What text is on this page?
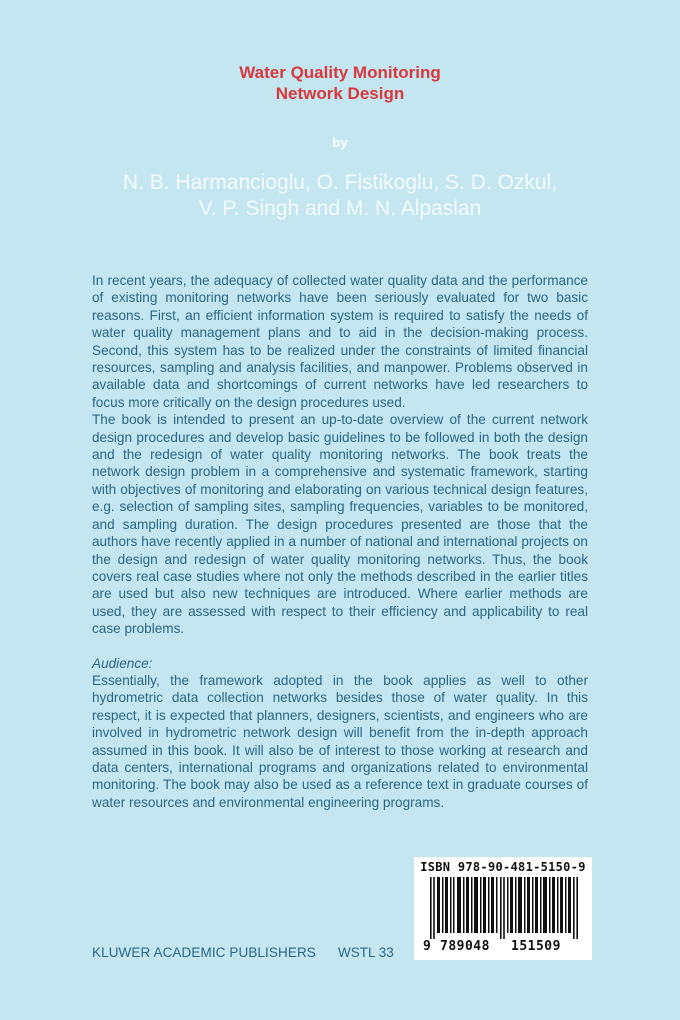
Water Quality Monitoring
Network Design
by
N. B. Harmancioglu, O. Fistikoglu, S. D. Ozkul,
V. P. Singh and M. N. Alpaslan

In recent years, the adequacy of collected water quality data and the performance of existing monitoring networks have been seriously evaluated for two basic reasons. First, an efficient information system is required to satisfy the needs of water quality management plans and to aid in the decision-making process. Second, this system has to be realized under the constraints of limited financial resources, sampling and analysis facilities, and manpower. Problems observed in available data and shortcomings of current networks have led researchers to focus more critically on the design procedures used.

The book is intended to present an up-to-date overview of the current network design procedures and develop basic guidelines to be followed in both the design and the redesign of water quality monitoring networks. The book treats the network design problem in a comprehensive and systematic framework, starting with objectives of monitoring and elaborating on various technical design features, e.g. selection of sampling sites, sampling frequencies, variables to be monitored, and sampling duration. The design procedures presented are those that the authors have recently applied in a number of national and international projects on the design and redesign of water quality monitoring networks. Thus, the book covers real case studies where not only the methods described in the earlier titles are used but also new techniques are introduced. Where earlier methods are used, they are assessed with respect to their efficiency and applicability to real case problems.

Audience:

Essentially, the framework adopted in the book applies as well to other hydrometric data collection networks besides those of water quality. In this respect, it is expected that planners, designers, scientists, and engineers who are involved in hydrometric network design will benefit from the in-depth approach assumed in this book. It will also be of interest to those working at research and data centers, international programs and organizations related to environmental monitoring. The book may also be used as a reference text in graduate courses of water resources and environmental engineering programs.

KLUWER ACADEMIC PUBLISHERS WSTL 33
ISBN 978-90-481-5150-9
9 789048 151509
